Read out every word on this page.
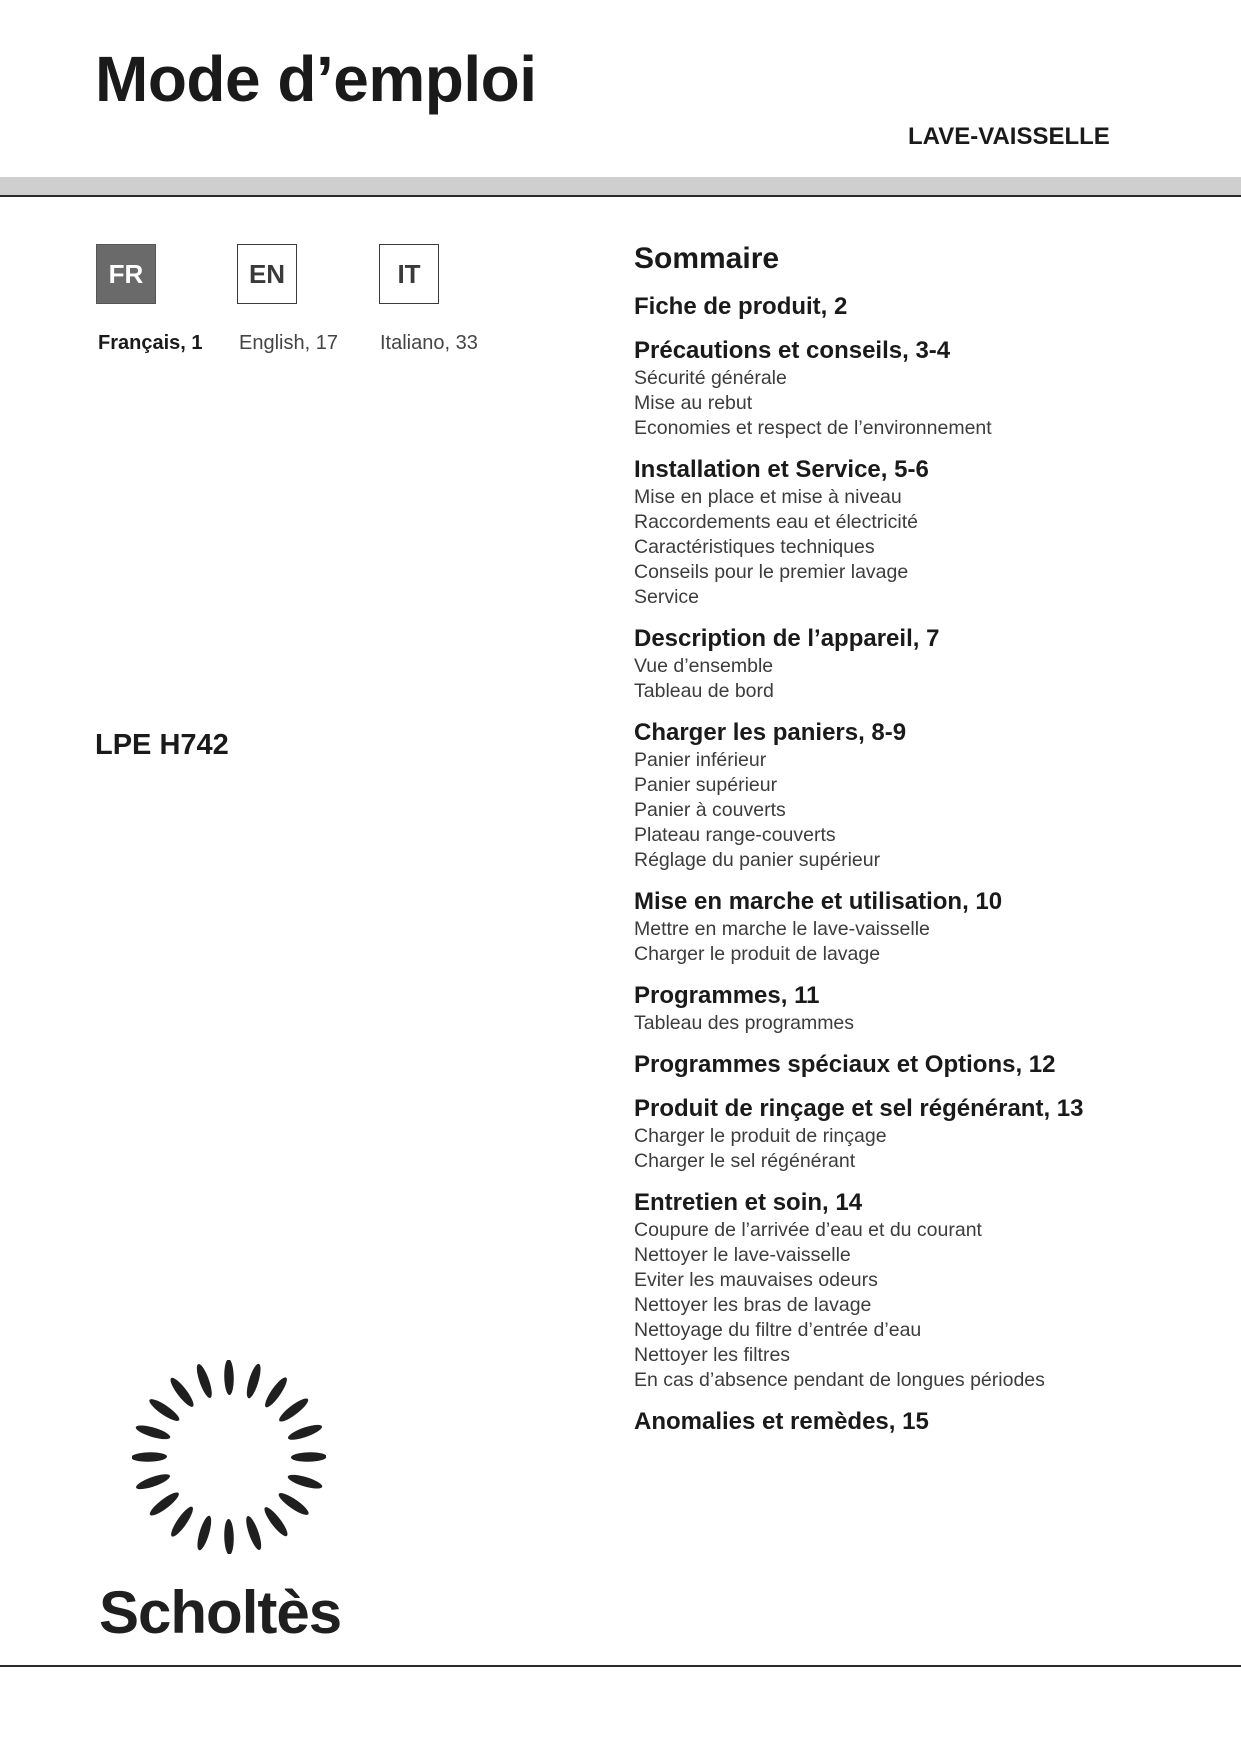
Mode d’emploi
LAVE-VAISSELLE
FR	EN	IT
Français, 1 English, 17 Italiano, 33
LPE H742
Sommaire
Fiche de produit, 2
Précautions et conseils, 3-4
Sécurité générale
Mise au rebut
Economies et respect de l’environnement
Installation et Service, 5-6
Mise en place et mise à niveau
Raccordements eau et électricité
Caractéristiques techniques
Conseils pour le premier lavage
Service
Description de l’appareil, 7
Vue d’ensemble
Tableau de bord
Charger les paniers, 8-9
Panier inférieur
Panier supérieur
Panier à couverts
Plateau range-couverts
Réglage du panier supérieur
Mise en marche et utilisation, 10
Mettre en marche le lave-vaisselle
Charger le produit de lavage
Programmes, 11
Tableau des programmes
Programmes spéciaux et Options, 12
Produit de rinçage et sel régénérant, 13
Charger le produit de rinçage
Charger le sel régénérant
Entretien et soin, 14
Coupure de l’arrivée d’eau et du courant
Nettoyer le lave-vaisselle
Eviter les mauvaises odeurs
Nettoyer les bras de lavage
Nettoyage du filtre d’entrée d’eau
Nettoyer les filtres
En cas d’absence pendant de longues périodes
Anomalies et remèdes, 15
Scholtès
